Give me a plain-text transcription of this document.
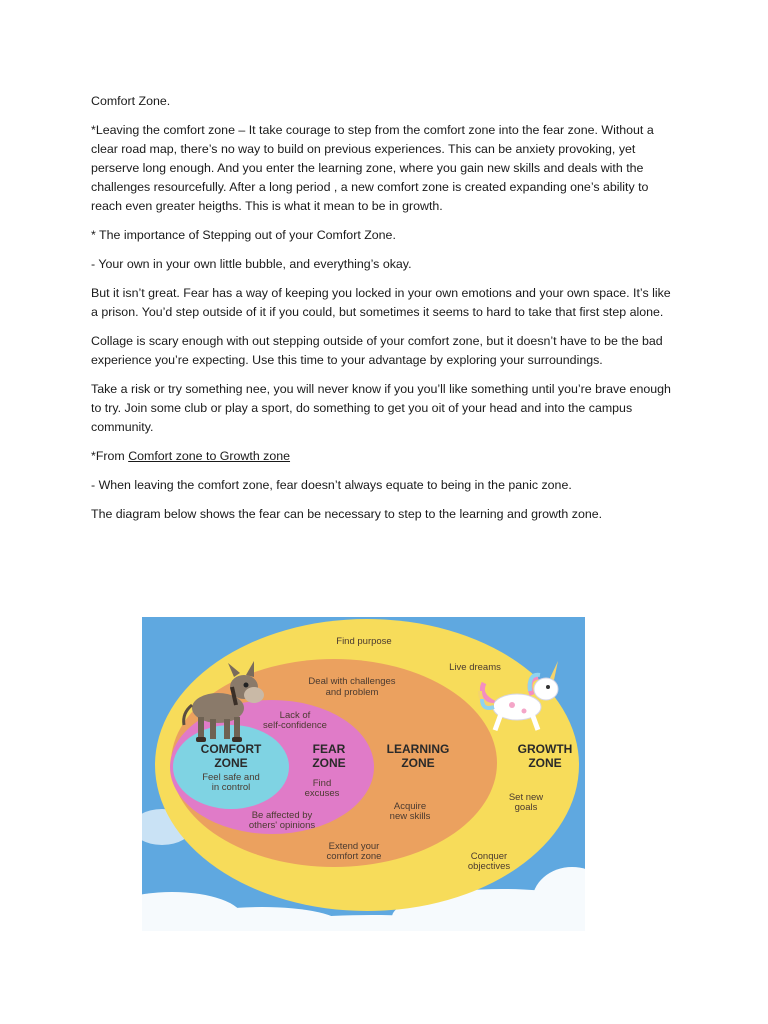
Comfort Zone.

*Leaving the comfort zone – It take courage to step from the comfort zone into the fear zone. Without a clear road map, there’s no way to build on previous experiences. This can be anxiety provoking, yet perserve long enough. And you enter the learning zone, where you gain new skills and deals with the challenges resourcefully. After a long period , a new comfort zone is created expanding one’s ability to reach even greater heigths. This is what it mean to be in growth.

* The importance of Stepping out of your Comfort Zone.

- Your own in your own little bubble, and everything’s okay.

But it isn’t great. Fear has a way of keeping you locked in your own emotions and your own space. It’s like a prison. You’d step outside of it if you could, but sometimes it seems to hard to take that first step alone.

Collage is scary enough with out stepping outside of your comfort zone, but it doesn’t have to be the bad experience you’re expecting. Use this time to your advantage by exploring your surroundings.

Take a risk or try something nee, you will never know if you you’ll like something until you’re brave enough to try. Join some club or play a sport, do something to get you oit of your head and into the campus community.

*From Comfort zone to Growth zone

- When leaving the comfort zone, fear doesn’t always equate to being in the panic zone.

The diagram below shows the fear can be necessary to step to the learning and growth zone.

COMFORT
ZONE
FEAR
ZONE
LEARNING
ZONE
GROWTH
ZONE
Find purpose
Live dreams
Deal with challenges
and problem
Lack of
self-confidence
Feel safe and
in control	Find
excuses
Be affected by
others' opinions
Acquire
new skills
Set new
goals
Extend your
comfort zone	Conquer
objectives
